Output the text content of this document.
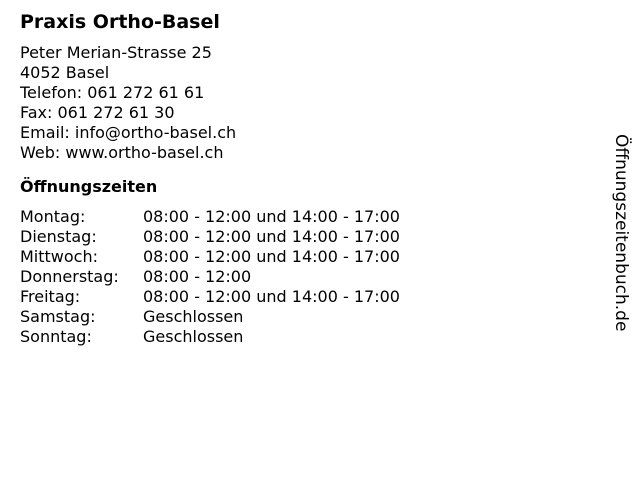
Praxis Ortho-Basel
Peter Merian-Strasse 25
4052 Basel
Telefon: 061 272 61 61
Fax: 061 272 61 30
Email: info@ortho-basel.ch
Web: www.ortho-basel.ch
Öffnungszeiten
Montag:	08:00 - 12:00 und 14:00 - 17:00
Dienstag:	08:00 - 12:00 und 14:00 - 17:00
Mittwoch:	08:00 - 12:00 und 14:00 - 17:00
Donnerstag:	08:00 - 12:00
Freitag:	08:00 - 12:00 und 14:00 - 17:00
Samstag:	Geschlossen
Sonntag:	Geschlossen
Öffnungszeitenbuch.de
